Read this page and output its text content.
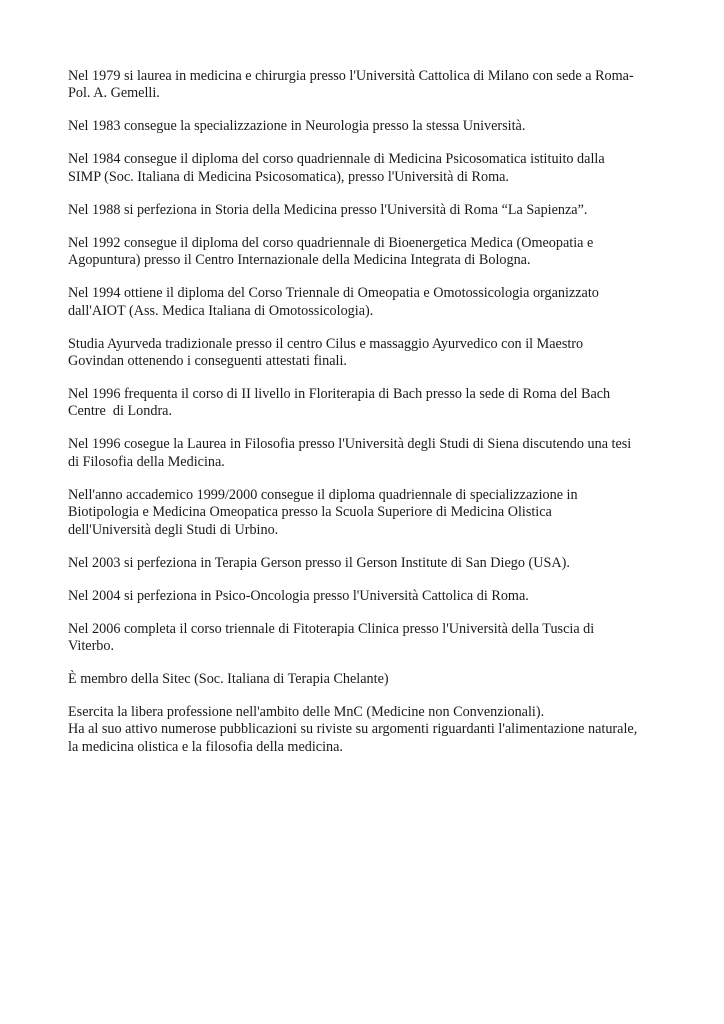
Nel 1979 si laurea in medicina e chirurgia presso l'Università Cattolica di Milano con sede a Roma-
Pol. A. Gemelli.

Nel 1983 consegue la specializzazione in Neurologia presso la stessa Università.

Nel 1984 consegue il diploma del corso quadriennale di Medicina Psicosomatica istituito dalla
SIMP (Soc. Italiana di Medicina Psicosomatica), presso l'Università di Roma.

Nel 1988 si perfeziona in Storia della Medicina presso l'Università di Roma “La Sapienza”.

Nel 1992 consegue il diploma del corso quadriennale di Bioenergetica Medica (Omeopatia e
Agopuntura) presso il Centro Internazionale della Medicina Integrata di Bologna.

Nel 1994 ottiene il diploma del Corso Triennale di Omeopatia e Omotossicologia organizzato
dall'AIOT (Ass. Medica Italiana di Omotossicologia).

Studia Ayurveda tradizionale presso il centro Cilus e massaggio Ayurvedico con il Maestro
Govindan ottenendo i conseguenti attestati finali.

Nel 1996 frequenta il corso di II livello in Floriterapia di Bach presso la sede di Roma del Bach
Centre  di Londra.

Nel 1996 cosegue la Laurea in Filosofia presso l'Università degli Studi di Siena discutendo una tesi
di Filosofia della Medicina.

Nell'anno accademico 1999/2000 consegue il diploma quadriennale di specializzazione in
Biotipologia e Medicina Omeopatica presso la Scuola Superiore di Medicina Olistica
dell'Università degli Studi di Urbino.

Nel 2003 si perfeziona in Terapia Gerson presso il Gerson Institute di San Diego (USA).

Nel 2004 si perfeziona in Psico-Oncologia presso l'Università Cattolica di Roma.

Nel 2006 completa il corso triennale di Fitoterapia Clinica presso l'Università della Tuscia di
Viterbo.

È membro della Sitec (Soc. Italiana di Terapia Chelante)

Esercita la libera professione nell'ambito delle MnC (Medicine non Convenzionali).

Ha al suo attivo numerose pubblicazioni su riviste su argomenti riguardanti l'alimentazione naturale,
la medicina olistica e la filosofia della medicina.
